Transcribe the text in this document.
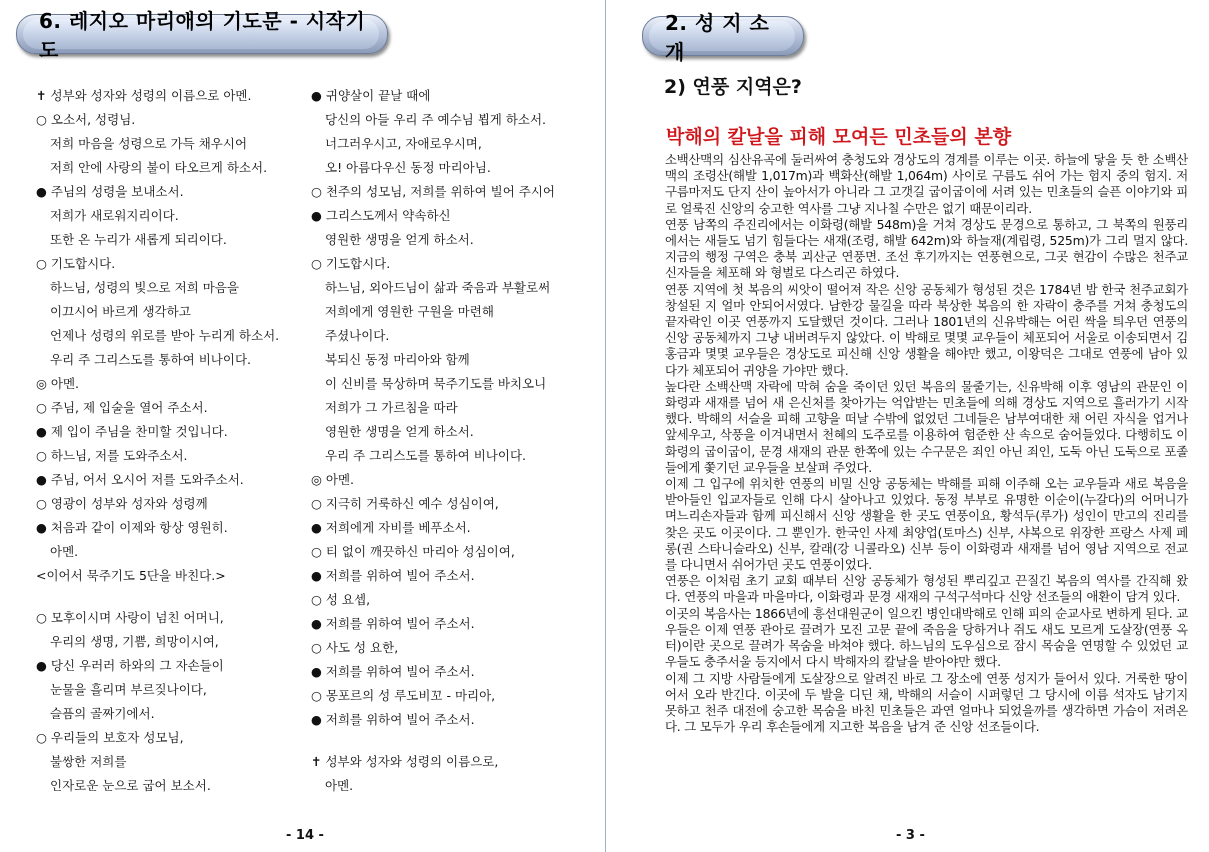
6. 레지오 마리애의 기도문 - 시작기도
✝ 성부와 성자와 성령의 이름으로 아멘.
○ 오소서, 성령님.
저희 마음을 성령으로 가득 채우시어
저희 안에 사랑의 불이 타오르게 하소서.
● 주님의 성령을 보내소서.
저희가 새로워지리이다.
또한 온 누리가 새롭게 되리이다.
○ 기도합시다.
하느님, 성령의 빛으로 저희 마음을
이끄시어 바르게 생각하고
언제나 성령의 위로를 받아 누리게 하소서.
우리 주 그리스도를 통하여 비나이다.
◎ 아멘.
○ 주님, 제 입술을 열어 주소서.
● 제 입이 주님을 찬미할 것입니다.
○ 하느님, 저를 도와주소서.
● 주님, 어서 오시어 저를 도와주소서.
○ 영광이 성부와 성자와 성령께
● 처음과 같이 이제와 항상 영원히.
아멘.
<이어서 묵주기도 5단을 바친다.>
○ 모후이시며 사랑이 넘친 어머니,
우리의 생명, 기쁨, 희망이시여,
● 당신 우러러 하와의 그 자손들이
눈물을 흘리며 부르짖나이다,
슬픔의 골짜기에서.
○ 우리들의 보호자 성모님,
불쌍한 저희를
인자로운 눈으로 굽어 보소서.
● 귀양살이 끝날 때에
당신의 아들 우리 주 예수님 뵙게 하소서.
너그러우시고, 자애로우시며,
오! 아름다우신 동정 마리아님.
○ 천주의 성모님, 저희를 위하여 빌어 주시어
● 그리스도께서 약속하신
영원한 생명을 얻게 하소서.
○ 기도합시다.
하느님, 외아드님이 삶과 죽음과 부활로써
저희에게 영원한 구원을 마련해
주셨나이다.
복되신 동정 마리아와 함께
이 신비를 묵상하며 묵주기도를 바치오니
저희가 그 가르침을 따라
영원한 생명을 얻게 하소서.
우리 주 그리스도를 통하여 비나이다.
◎ 아멘.
○ 지극히 거룩하신 예수 성심이여,
● 저희에게 자비를 베푸소서.
○ 티 없이 깨끗하신 마리아 성심이여,
● 저희를 위하여 빌어 주소서.
○ 성 요셉,
● 저희를 위하여 빌어 주소서.
○ 사도 성 요한,
● 저희를 위하여 빌어 주소서.
○ 몽포르의 성 루도비꼬 - 마리아,
● 저희를 위하여 빌어 주소서.
✝ 성부와 성자와 성령의 이름으로,
아멘.
- 14 -
2. 성 지 소 개
2) 연풍 지역은?
박해의 칼날을 피해 모여든 민초들의 본향

소백산맥의 심산유곡에 둘러싸여 충청도와 경상도의 경계를 이루는 이곳. 하늘에 닿을 듯 한 소백산맥의 조령산(해발 1,017m)과 백화산(해발 1,064m) 사이로 구름도 쉬어 가는 험지 중의 험지. 저 구름마저도 단지 산이 높아서가 아니라 그 고갯길 굽이굽이에 서려 있는 민초들의 슬픈 이야기와 피로 얼룩진 신앙의 숭고한 역사를 그냥 지나칠 수만은 없기 때문이리라.

연풍 남쪽의 주진리에서는 이화령(해발 548m)을 거쳐 경상도 문경으로 통하고, 그 북쪽의 원풍리에서는 새들도 넘기 힘들다는 새재(조령, 해발 642m)와 하늘재(계립령, 525m)가 그리 멀지 않다. 지금의 행정 구역은 충북 괴산군 연풍면. 조선 후기까지는 연풍현으로, 그곳 현감이 수많은 천주교 신자들을 체포해 와 형벌로 다스리곤 하였다.

연풍 지역에 첫 복음의 씨앗이 떨어져 작은 신앙 공동체가 형성된 것은 1784년 밤 한국 천주교회가 창설된 지 얼마 안되어서였다. 남한강 물길을 따라 북상한 복음의 한 자락이 충주를 거쳐 충청도의 끝자락인 이곳 연풍까지 도달했던 것이다. 그러나 1801년의 신유박해는 어린 싹을 틔우던 연풍의 신앙 공동체까지 그냥 내버려두지 않았다. 이 박해로 몇몇 교우들이 체포되어 서울로 이송되면서 김홍금과 몇몇 교우들은 경상도로 피신해 신앙 생활을 해야만 했고, 이왕덕은 그대로 연풍에 남아 있다가 체포되어 귀양을 가야만 했다.

높다란 소백산맥 자락에 막혀 숨을 죽이던 있던 복음의 물줄기는, 신유박해 이후 영남의 관문인 이화령과 새재를 넘어 새 은신처를 찾아가는 억압받는 민초들에 의해 경상도 지역으로 흘러가기 시작했다. 박해의 서슬을 피해 고향을 떠날 수밖에 없었던 그네들은 남부여대한 채 어린 자식을 업거나 앞세우고, 삭풍을 이겨내면서 천혜의 도주로를 이용하여 험준한 산 속으로 숨어들었다. 다행히도 이화령의 굽이굽이, 문경 새재의 관문 한쪽에 있는 수구문은 죄인 아닌 죄인, 도둑 아닌 도둑으로 포졸들에게 쫓기던 교우들을 보살펴 주었다.

이제 그 입구에 위치한 연풍의 비밀 신앙 공동체는 박해를 피해 이주해 오는 교우들과 새로 복음을 받아들인 입교자들로 인해 다시 살아나고 있었다. 동정 부부로 유명한 이순이(누갈다)의 어머니가 며느리손자들과 함께 피신해서 신앙 생활을 한 곳도 연풍이요, 황석두(루가) 성인이 만고의 진리를 찾은 곳도 이곳이다. 그 뿐인가. 한국인 사제 최양업(토마스) 신부, 샤복으로 위장한 프랑스 사제 페롱(권 스타니슬라오) 신부, 칼래(강 니콜라오) 신부 등이 이화령과 새재를 넘어 영남 지역으로 전교를 다니면서 쉬어가던 곳도 연풍이었다.

연풍은 이처럼 초기 교회 때부터 신앙 공동체가 형성된 뿌리깊고 끈질긴 복음의 역사를 간직해 왔다. 연풍의 마을과 마을마다, 이화령과 문경 새재의 구석구석마다 신앙 선조들의 애환이 담겨 있다.

이곳의 복음사는 1866년에 흥선대원군이 일으킨 병인대박해로 인해 피의 순교사로 변하게 된다. 교우들은 이제 연풍 관아로 끌려가 모진 고문 끝에 죽음을 당하거나 쥐도 새도 모르게 도살장(연풍 옥터)이란 곳으로 끌려가 목숨을 바쳐야 했다. 하느님의 도우심으로 잠시 목숨을 연명할 수 있었던 교우들도 충주서울 등지에서 다시 박해자의 칼날을 받아야만 했다.

이제 그 지방 사람들에게 도살장으로 알려진 바로 그 장소에 연풍 성지가 들어서 있다. 거룩한 땅이 어서 오라 반긴다. 이곳에 두 발을 디딘 채, 박해의 서슬이 시퍼렇던 그 당시에 이름 석자도 남기지 못하고 천주 대전에 숭고한 목숨을 바친 민초들은 과연 얼마나 되었을까를 생각하면 가슴이 저려온다. 그 모두가 우리 후손들에게 지고한 복음을 남겨 준 신앙 선조들이다.

- 3 -
